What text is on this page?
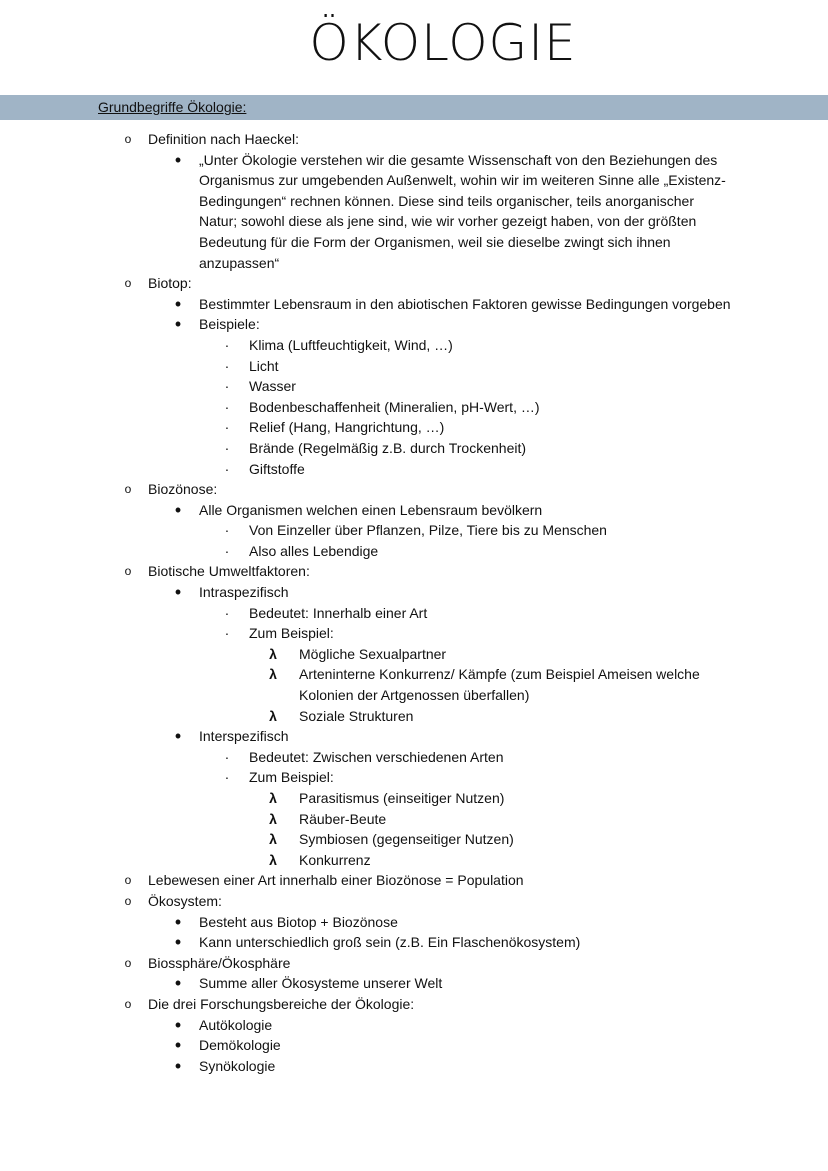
ÖKOLOGIE
Grundbegriffe Ökologie:
o Definition nach Haeckel:
• „Unter Ökologie verstehen wir die gesamte Wissenschaft von den Beziehungen des
Organismus zur umgebenden Außenwelt, wohin wir im weiteren Sinne alle „Existenz-
Bedingungen“ rechnen können. Diese sind teils organischer, teils anorganischer
Natur; sowohl diese als jene sind, wie wir vorher gezeigt haben, von der größten
Bedeutung für die Form der Organismen, weil sie dieselbe zwingt sich ihnen
anzupassen“
o Biotop:
• Bestimmter Lebensraum in den abiotischen Faktoren gewisse Bedingungen vorgeben
• Beispiele:
·	Klima (Luftfeuchtigkeit, Wind, …)
·	Licht
·	Wasser
·	Bodenbeschaffenheit (Mineralien, pH-Wert, …)
·	Relief (Hang, Hangrichtung, …)
·	Brände (Regelmäßig z.B. durch Trockenheit)
·	Giftstoffe
o Biozönose:
• Alle Organismen welchen einen Lebensraum bevölkern
·	Von Einzeller über Pflanzen, Pilze, Tiere bis zu Menschen
·	Also alles Lebendige
o Biotische Umweltfaktoren:
• Intraspezifisch
·	Bedeutet: Innerhalb einer Art
·	Zum Beispiel:
λ Mögliche Sexualpartner
λ Arteninterne Konkurrenz/ Kämpfe (zum Beispiel Ameisen welche
Kolonien der Artgenossen überfallen)
λ Soziale Strukturen
• Interspezifisch
·	Bedeutet: Zwischen verschiedenen Arten
·	Zum Beispiel:
λ Parasitismus (einseitiger Nutzen)
λ Räuber-Beute
λ Symbiosen (gegenseitiger Nutzen)
λ Konkurrenz
o Lebewesen einer Art innerhalb einer Biozönose = Population
o Ökosystem:
• Besteht aus Biotop + Biozönose
• Kann unterschiedlich groß sein (z.B. Ein Flaschenökosystem)
o Biossphäre/Ökosphäre
• Summe aller Ökosysteme unserer Welt
o Die drei Forschungsbereiche der Ökologie:
• Autökologie
• Demökologie
• Synökologie
